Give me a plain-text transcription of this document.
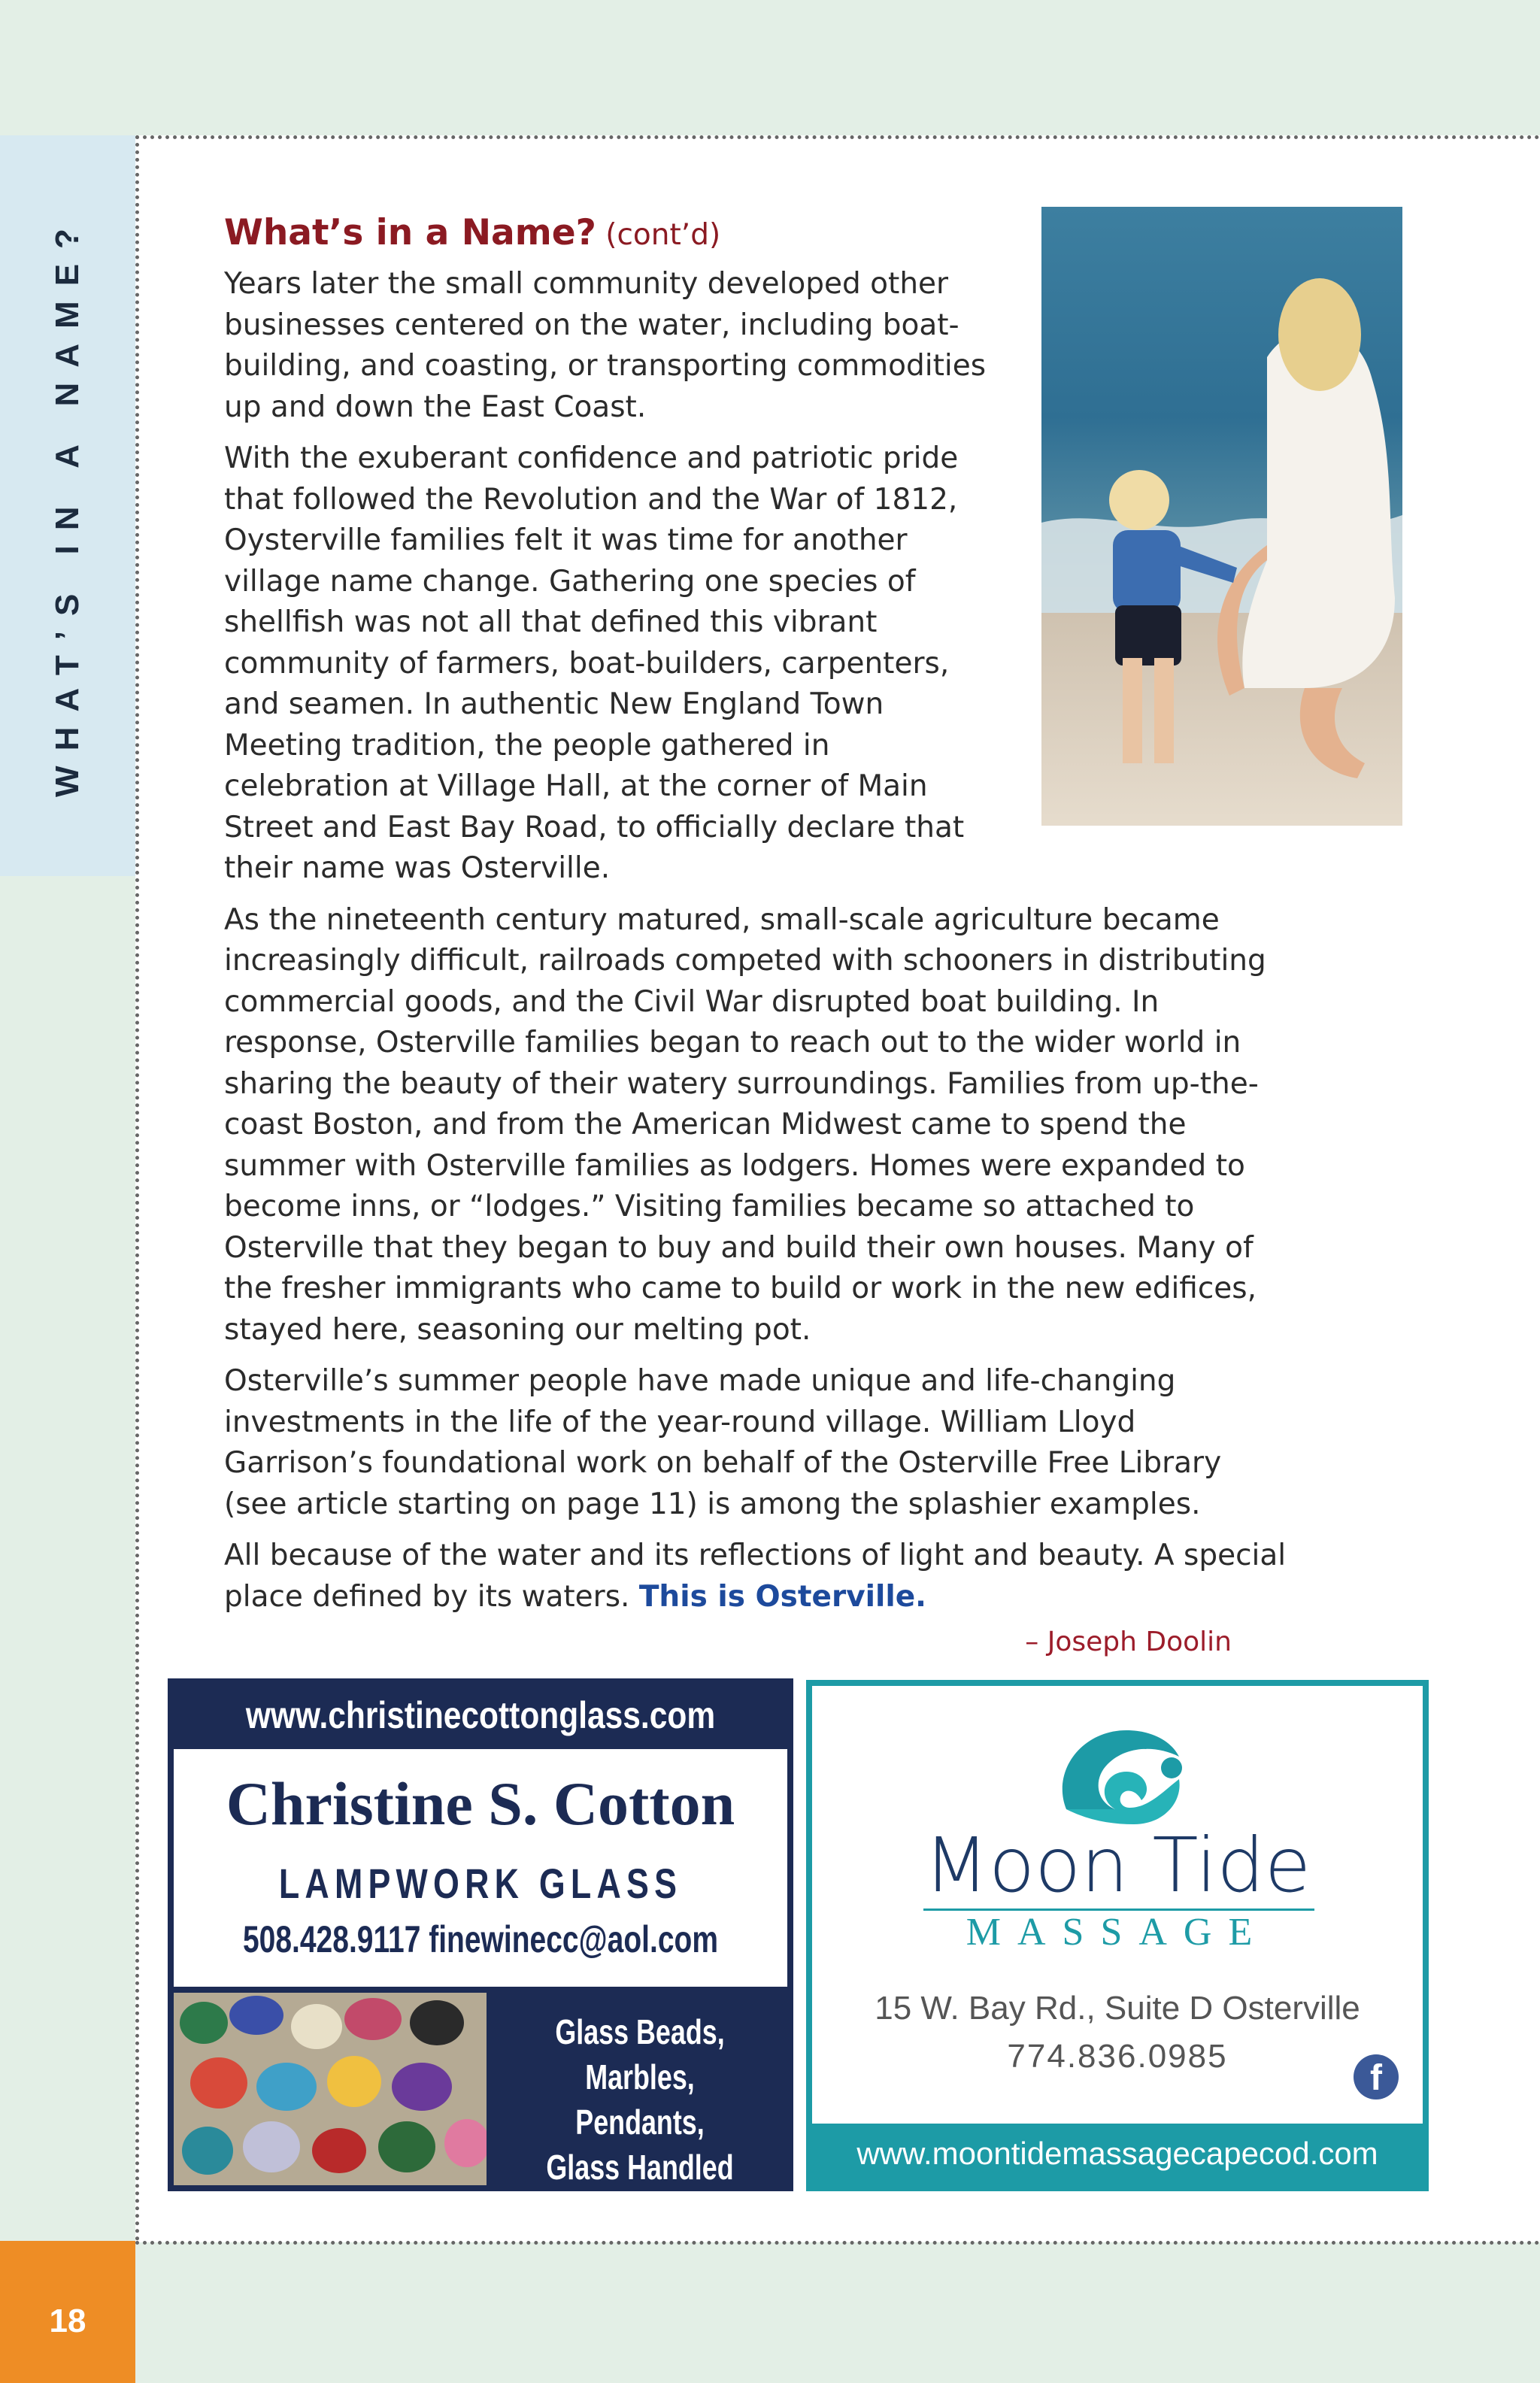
WHAT’S IN A NAME?
18
What’s in a Name? (cont’d)

Years later the small community developed other businesses centered on the water, including boat-building, and coasting, or transporting commodities up and down the East Coast.

With the exuberant confidence and patriotic pride that followed the Revolution and the War of 1812, Oysterville families felt it was time for another village name change. Gathering one species of shellfish was not all that defined this vibrant community of farmers, boat-builders, carpenters, and seamen. In authentic New England Town Meeting tradition, the people gathered in celebration at Village Hall, at the corner of Main Street and East Bay Road, to officially declare that their name was Osterville.

As the nineteenth century matured, small-scale agriculture became increasingly difficult, railroads competed with schooners in distributing commercial goods, and the Civil War disrupted boat building. In response, Osterville families began to reach out to the wider world in sharing the beauty of their watery surroundings. Families from up-the-coast Boston, and from the American Midwest came to spend the summer with Osterville families as lodgers. Homes were expanded to become inns, or “lodges.” Visiting families became so attached to Osterville that they began to buy and build their own houses. Many of the fresher immigrants who came to build or work in the new edifices, stayed here, seasoning our melting pot.

Osterville’s summer people have made unique and life-changing investments in the life of the year-round village. William Lloyd Garrison’s foundational work on behalf of the Osterville Free Library (see article starting on page 11) is among the splashier examples.

All because of the water and its reflections of light and beauty. A special place defined by its waters. This is Osterville.

– Joseph Doolin
www.christinecottonglass.com
Christine S. Cotton
LAMPWORK GLASS
508.428.9117 finewinecc@aol.com
Glass Beads, Marbles,
Pendants,
Glass Handled Items
Moon Tide
MASSAGE
15 W. Bay Rd., Suite D Osterville
774.836.0985
f
www.moontidemassagecapecod.com
